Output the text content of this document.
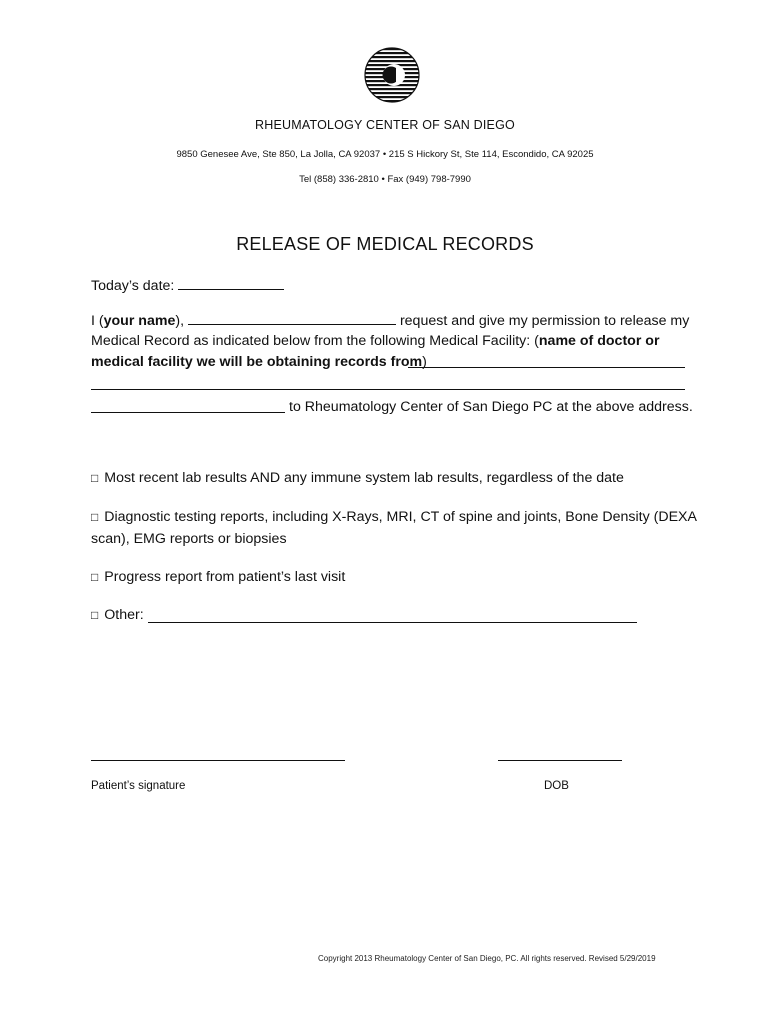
RHEUMATOLOGY CENTER OF SAN DIEGO
9850 Genesee Ave, Ste 850, La Jolla, CA 92037 • 215 S Hickory St, Ste 114, Escondido, CA 92025
Tel (858) 336-2810 • Fax (949) 798-7990
RELEASE OF MEDICAL RECORDS
Today’s date:
I (your name),	request and give my permission to release my
Medical Record as indicated below from the following Medical Facility: (name of doctor or
medical facility we will be obtaining records from)
to Rheumatology Center of San Diego PC at the above address.
□ Most recent lab results AND any immune system lab results, regardless of the date
□ Diagnostic testing reports, including X-Rays, MRI, CT of spine and joints, Bone Density (DEXA
scan), EMG reports or biopsies
□ Progress report from patient’s last visit
□ Other:
Patient’s signature	DOB
Copyright 2013 Rheumatology Center of San Diego, PC. All rights reserved. Revised 5/29/2019
